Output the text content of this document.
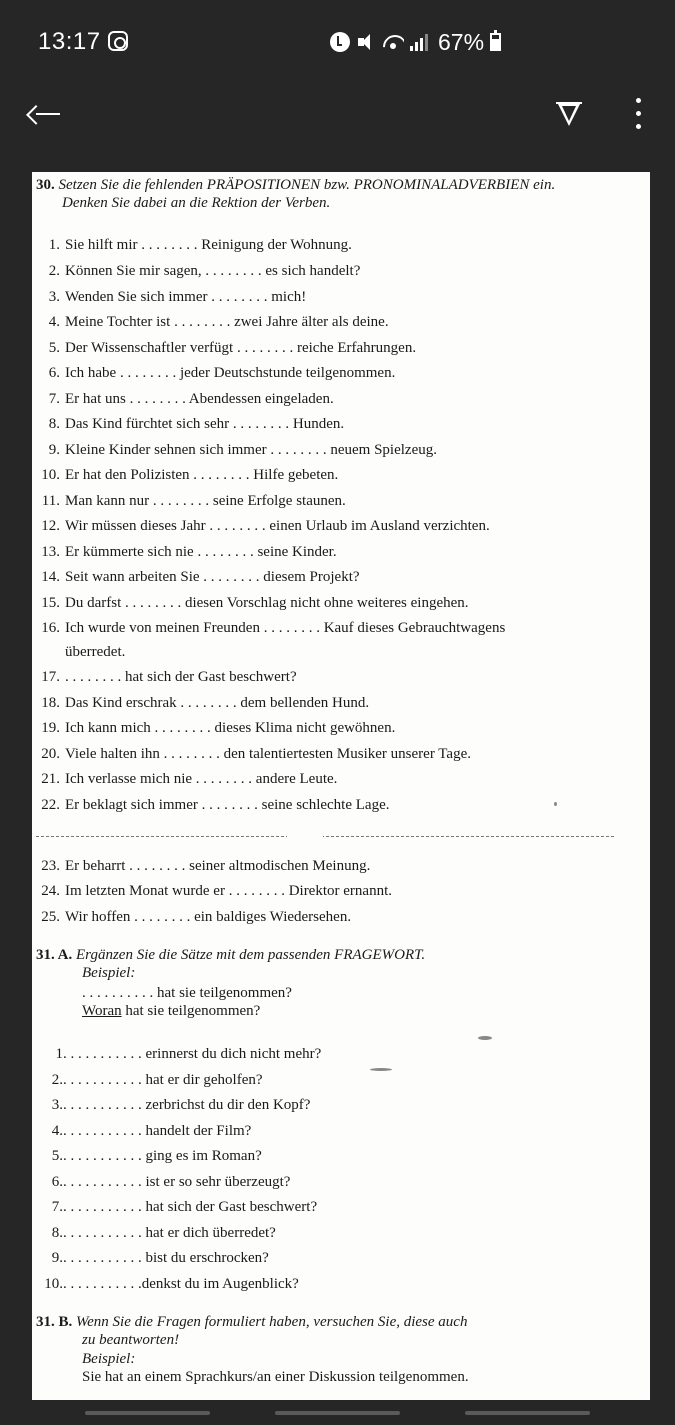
13:17	67%
30. Setzen Sie die fehlenden PRÄPOSITIONEN bzw. PRONOMINALADVERBIEN ein.
Denken Sie dabei an die Rektion der Verben.
1. Sie hilft mir . . . . . . . . Reinigung der Wohnung.
2. Können Sie mir sagen, . . . . . . . . es sich handelt?
3. Wenden Sie sich immer . . . . . . . . mich!
4. Meine Tochter ist . . . . . . . . zwei Jahre älter als deine.
5. Der Wissenschaftler verfügt . . . . . . . . reiche Erfahrungen.
6. Ich habe . . . . . . . . jeder Deutschstunde teilgenommen.
7. Er hat uns . . . . . . . . Abendessen eingeladen.
8. Das Kind fürchtet sich sehr . . . . . . . . Hunden.
9. Kleine Kinder sehnen sich immer . . . . . . . . neuem Spielzeug.
10. Er hat den Polizisten . . . . . . . . Hilfe gebeten.
11. Man kann nur . . . . . . . . seine Erfolge staunen.
12. Wir müssen dieses Jahr . . . . . . . . einen Urlaub im Ausland verzichten.
13. Er kümmerte sich nie . . . . . . . . seine Kinder.
14. Seit wann arbeiten Sie . . . . . . . . diesem Projekt?
15. Du darfst . . . . . . . . diesen Vorschlag nicht ohne weiteres eingehen.
16. Ich wurde von meinen Freunden . . . . . . . . Kauf dieses Gebrauchtwagens
überredet.
17. . . . . . . . . hat sich der Gast beschwert?
18. Das Kind erschrak . . . . . . . . dem bellenden Hund.
19. Ich kann mich . . . . . . . . dieses Klima nicht gewöhnen.
20. Viele halten ihn . . . . . . . . den talentiertesten Musiker unserer Tage.
21. Ich verlasse mich nie . . . . . . . . andere Leute.
22. Er beklagt sich immer . . . . . . . . seine schlechte Lage.
23. Er beharrt . . . . . . . . seiner altmodischen Meinung.
24. Im letzten Monat wurde er . . . . . . . . Direktor ernannt.
25. Wir hoffen . . . . . . . . ein baldiges Wiedersehen.
31. A. Ergänzen Sie die Sätze mit dem passenden FRAGEWORT.
Beispiel:
. . . . . . . . . . hat sie teilgenommen?
Woran hat sie teilgenommen?
1. . . . . . . . . . . erinnerst du dich nicht mehr?
2.. . . . . . . . . . . hat er dir geholfen?
3.. . . . . . . . . . . zerbrichst du dir den Kopf?
4.. . . . . . . . . . . handelt der Film?
5.. . . . . . . . . . . ging es im Roman?
6.. . . . . . . . . . . ist er so sehr überzeugt?
7.. . . . . . . . . . . hat sich der Gast beschwert?
8.. . . . . . . . . . . hat er dich überredet?
9.. . . . . . . . . . . bist du erschrocken?
10.. . . . . . . . . . .denkst du im Augenblick?
31. B. Wenn Sie die Fragen formuliert haben, versuchen Sie, diese auch
zu beantworten!
Beispiel:
Sie hat an einem Sprachkurs/an einer Diskussion teilgenommen.
